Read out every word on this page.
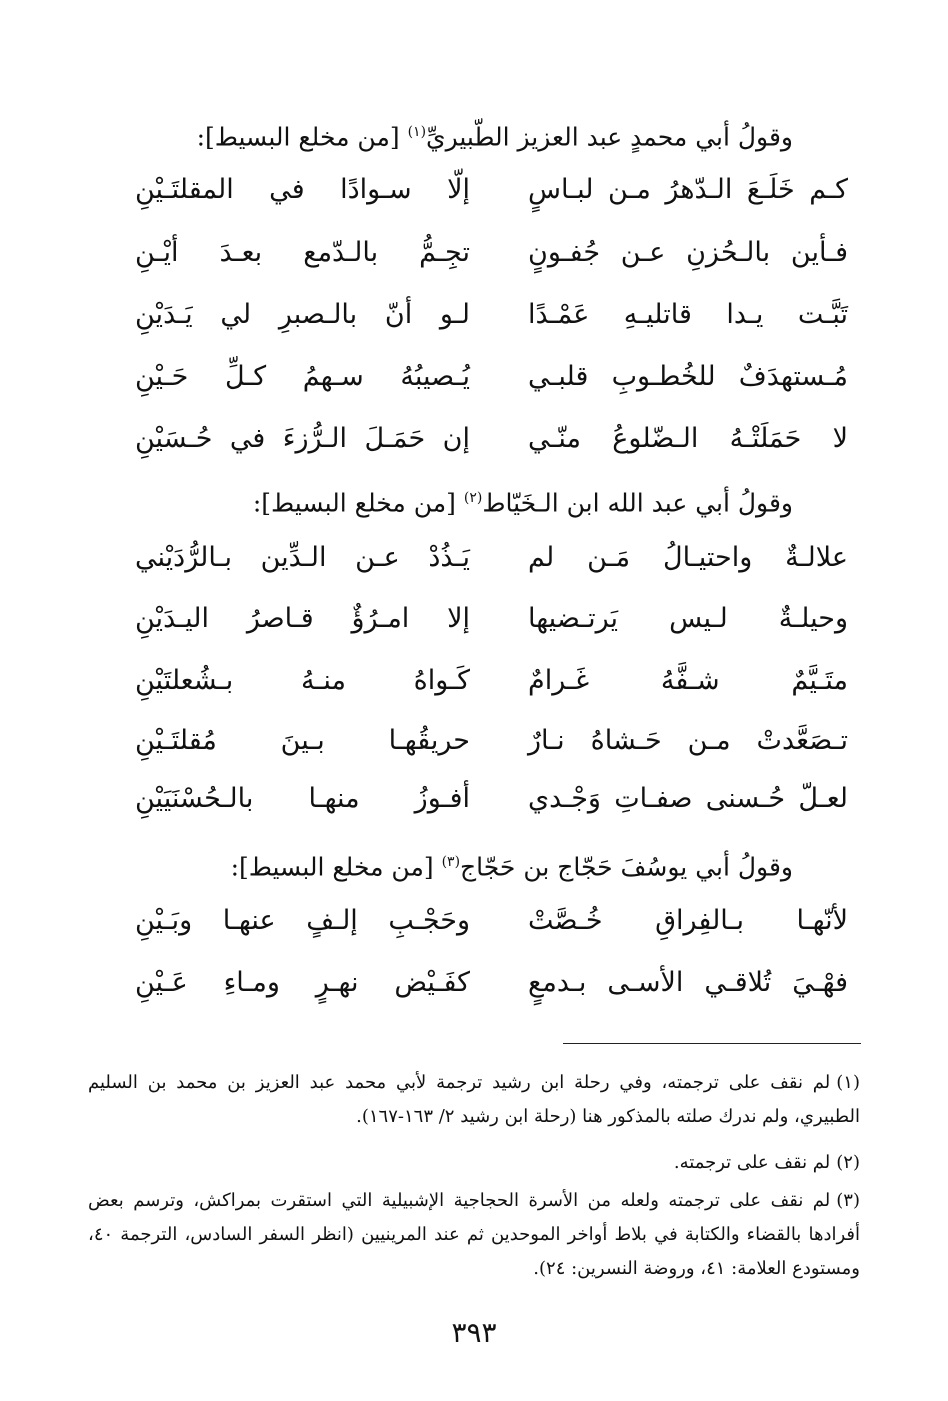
وقولُ أبي محمدٍ عبد العزيز الطّبيريِّ$^{(١)}$ [من مخلع البسيط]:
كـم خَلَـعَ الـدّهرُ مـن لبـاسٍ
إلّا سـوادًا في المقلتَـيْنِ
فـأين بالـحُزنِ عـن جُفـونٍ
تجِـمُّ بالـدّمع بعـدَ أيْـنِ
تَبَّـت يـدا قاتليـهِ عَمْـدًا
لـو أنّ بالـصبرِ لي يَـدَيْنِ
مُـستهدَفٌ للخُطـوبِ قلبـي
يُـصيبُهُ سـهمُ كـلِّ حَـيْنِ
لا حَمَلَتْـهُ الـضّلوعُ منّـي
إن حَمَـلَ الـرُّزءَ في حُـسَيْنِ
وقولُ أبي عبد الله ابن الـخَيّاط$^{(٢)}$ [من مخلع البسيط]:
علالـةٌ واحتيـالُ مَـن لم
يَـذُدْ عـن الـدِّين بـالرُّدَيْني
وحيلـةٌ لـيس يَرتـضيها
إلا امـرُؤٌ قـاصرُ اليـدَيْنِ
متَـيَّمٌ شـفَّهُ غَـرامٌ
كَـواهُ منـهُ بـشُعلتَيْنِ
تـصَعَّدتْ مـن حَـشاهُ نـارٌ
حريقُهـا بـينَ مُقلتَـيْنِ
لعـلّ حُـسنى صفـاتِ وَجْـدي
أفـوزُ منهـا بالـحُسْنَيَيْنِ
وقولُ أبي يوسُفَ حَجّاج بن حَجّاج$^{(٣)}$ [من مخلع البسيط]:
لأنّهـا بـالفِراقِ خُـصَّتْ
وحَجْـبِ إلـفٍ عنهـا وبَـيْنِ
فهْـيَ تُلاقـي الأسـى بـدمعٍ
كفَـيْض نهـرٍ ومـاءِ عَـيْنِ
(١)لم نقف على ترجمته، وفي رحلة ابن رشيد ترجمة لأبي محمد عبد العزيز بن محمد بن السليم الطبيري، ولم ندرك صلته بالمذكور هنا (رحلة ابن رشيد ٢/ ١٦٣-١٦٧).
(٢)لم نقف على ترجمته.
(٣)لم نقف على ترجمته ولعله من الأسرة الحجاجية الإشبيلية التي استقرت بمراكش، وترسم بعض أفرادها بالقضاء والكتابة في بلاط أواخر الموحدين ثم عند المرينيين (انظر السفر السادس، الترجمة ٤٠، ومستودع العلامة: ٤١، وروضة النسرين: ٢٤).
٣٩٣
